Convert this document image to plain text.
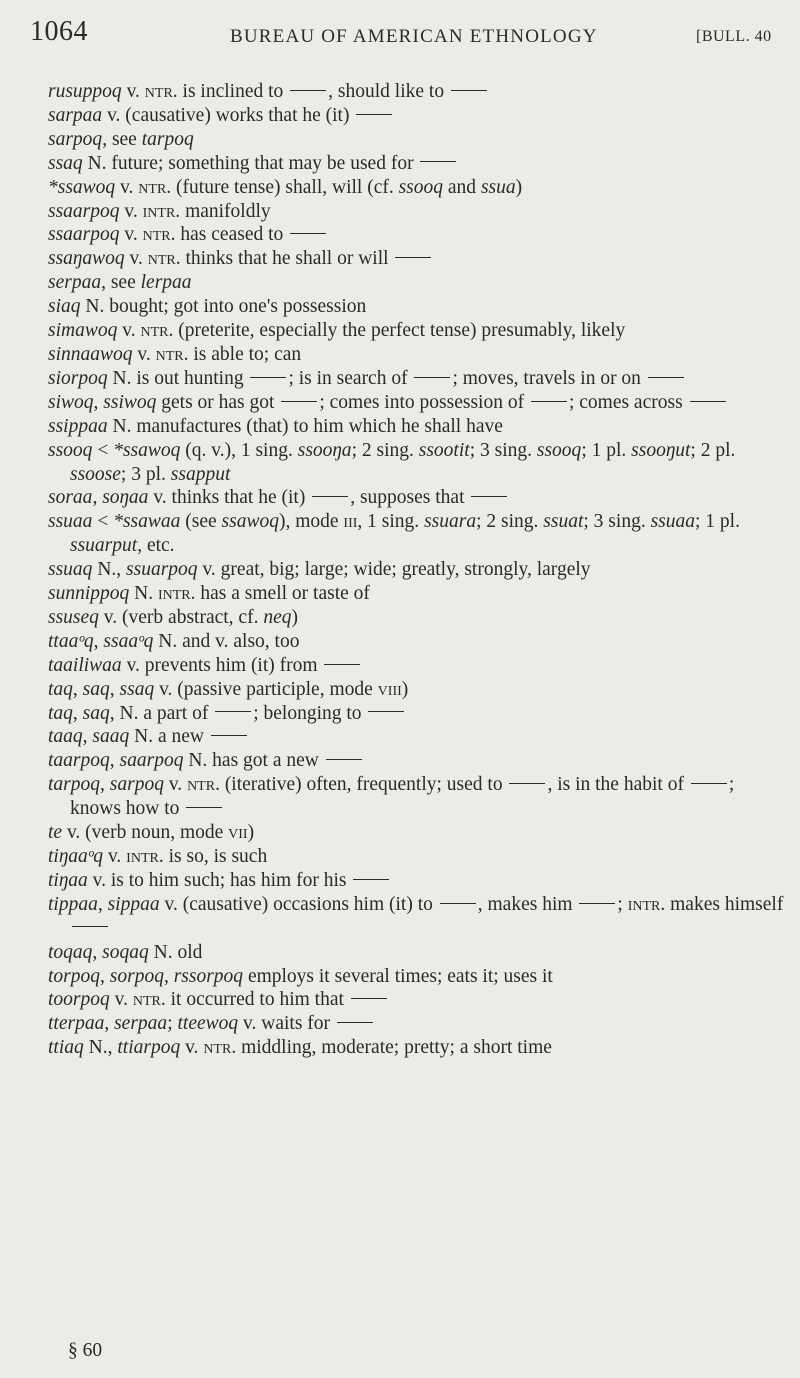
1064	BUREAU OF AMERICAN ETHNOLOGY	[BULL. 40

rusuppoq v. ntr. is inclined to , should like to

sarpaa v. (causative) works that he (it)

sarpoq, see tarpoq

ssaq N. future; something that may be used for

*ssawoq v. ntr. (future tense) shall, will (cf. ssooq and ssua)

ssaarpoq v. intr. manifoldly

ssaarpoq v. ntr. has ceased to

ssaŋawoq v. ntr. thinks that he shall or will

serpaa, see lerpaa

siaq N. bought; got into one's possession

simawoq v. ntr. (preterite, especially the perfect tense) presumably, likely

sinnaawoq v. ntr. is able to; can

siorpoq N. is out hunting ; is in search of ; moves, travels in or on

siwoq, ssiwoq gets or has got ; comes into possession of ; comes across

ssippaa N. manufactures (that) to him which he shall have

ssooq < *ssawoq (q. v.), 1 sing. ssooŋa; 2 sing. ssootit; 3 sing. ssooq; 1 pl. ssooŋut; 2 pl. ssoose; 3 pl. ssapput

soraa, soŋaa v. thinks that he (it) , supposes that

ssuaa < *ssawaa (see ssawoq), mode iii, 1 sing. ssuara; 2 sing. ssuat; 3 sing. ssuaa; 1 pl. ssuarput, etc.

ssuaq N., ssuarpoq v. great, big; large; wide; greatly, strongly, largely

sunnippoq N. intr. has a smell or taste of

ssuseq v. (verb abstract, cf. neq)

ttaaᵒq, ssaaᵒq N. and v. also, too

taailiwaa v. prevents him (it) from

taq, saq, ssaq v. (passive participle, mode viii)

taq, saq, N. a part of ; belonging to

taaq, saaq N. a new

taarpoq, saarpoq N. has got a new

tarpoq, sarpoq v. ntr. (iterative) often, frequently; used to , is in the habit of ; knows how to

te v. (verb noun, mode vii)

tiŋaaᵒq v. intr. is so, is such

tiŋaa v. is to him such; has him for his

tippaa, sippaa v. (causative) occasions him (it) to , makes him ; intr. makes himself

toqaq, soqaq N. old

torpoq, sorpoq, rssorpoq employs it several times; eats it; uses it

toorpoq v. ntr. it occurred to him that

tterpaa, serpaa; tteewoq v. waits for

ttiaq N., ttiarpoq v. ntr. middling, moderate; pretty; a short time

§ 60
